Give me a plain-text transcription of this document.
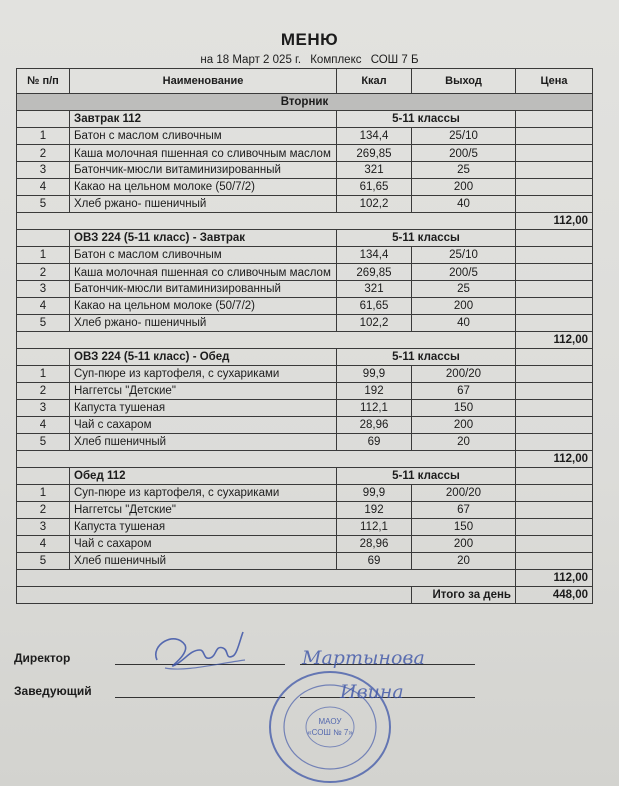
МЕНЮ
на 18 Март 2 025 г. Комплекс СОШ 7 Б
№ п/п	Наименование	Ккал	Выход	Цена
Вторник				
	Завтрак 112	5-11 классы		
1	Батон с маслом сливочным	134,4	25/10	
2	Каша молочная пшенная со сливочным маслом	269,85	200/5	
3	Батончик-мюсли витаминизированный	321	25	
4	Какао на цельном молоке (50/7/2)	61,65	200	
5	Хлеб ржано- пшеничный	102,2	40	
				112,00
	ОВЗ 224 (5-11 класс) - Завтрак	5-11 классы		
1	Батон с маслом сливочным	134,4	25/10	
2	Каша молочная пшенная со сливочным маслом	269,85	200/5	
3	Батончик-мюсли витаминизированный	321	25	
4	Какао на цельном молоке (50/7/2)	61,65	200	
5	Хлеб ржано- пшеничный	102,2	40	
				112,00
	ОВЗ 224 (5-11 класс) - Обед	5-11 классы		
1	Суп-пюре из картофеля, с сухариками	99,9	200/20	
2	Наггетсы "Детские"	192	67	
3	Капуста тушеная	112,1	150	
4	Чай с сахаром	28,96	200	
5	Хлеб пшеничный	69	20	
				112,00
	Обед 112	5-11 классы		
1	Суп-пюре из картофеля, с сухариками	99,9	200/20	
2	Наггетсы "Детские"	192	67	
3	Капуста тушеная	112,1	150	
4	Чай с сахаром	28,96	200	
5	Хлеб пшеничный	69	20	
				112,00
			Итого за день	448,00
Директор
Заведующий
Мартынова
Ивина
МАОУ
«СОШ № 7»
